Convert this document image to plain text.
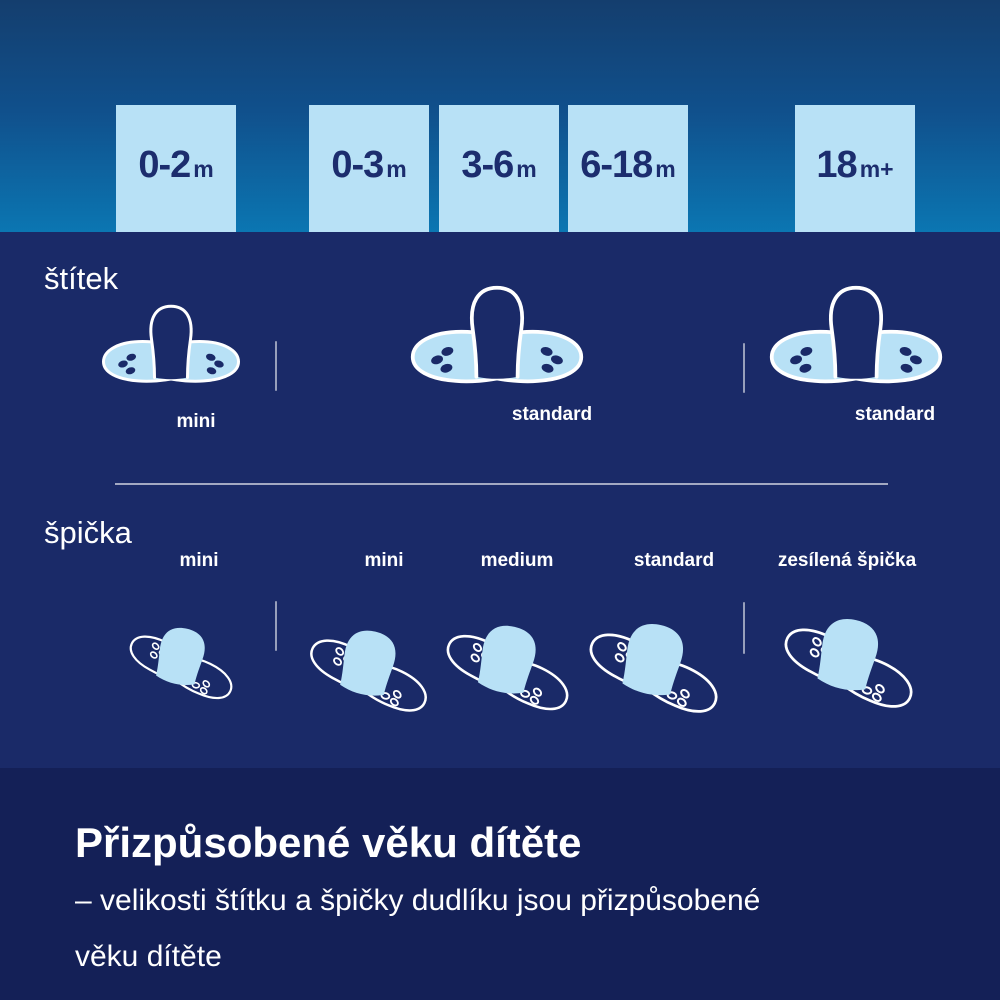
0-2 m	0-3 m 3-6 m 6-18 m	18 m+
štítek
mini	standard	standard
špička
mini	mini	medium	standard	zesílená špička
Přizpůsobené věku dítěte
– velikosti štítku a špičky dudlíku jsou přizpůsobené
věku dítěte
